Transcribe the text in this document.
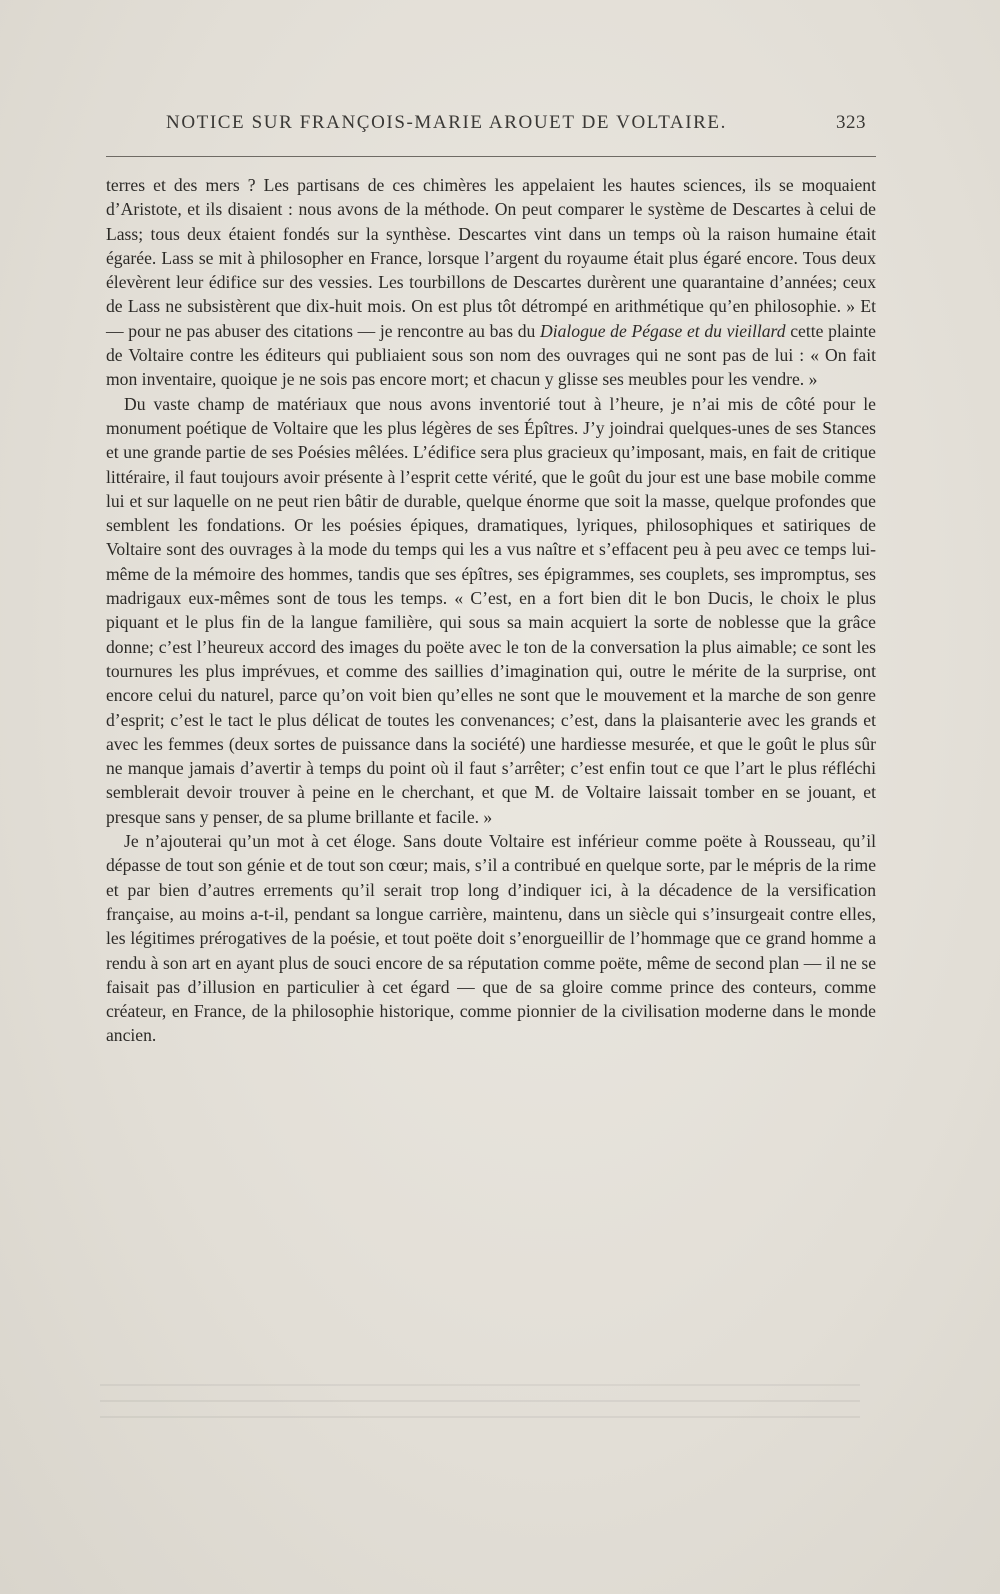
NOTICE SUR FRANÇOIS-MARIE AROUET DE VOLTAIRE.	323

terres et des mers ? Les partisans de ces chimères les appelaient les hautes sciences, ils se moquaient d’Aristote, et ils disaient : nous avons de la méthode. On peut comparer le système de Descartes à celui de Lass; tous deux étaient fondés sur la synthèse. Descartes vint dans un temps où la raison humaine était égarée. Lass se mit à philosopher en France, lorsque l’argent du royaume était plus égaré encore. Tous deux élevèrent leur édifice sur des vessies. Les tourbillons de Descartes durèrent une quarantaine d’années; ceux de Lass ne subsistèrent que dix-huit mois. On est plus tôt détrompé en arithmétique qu’en philosophie. » Et — pour ne pas abuser des citations — je rencontre au bas du Dialogue de Pégase et du vieillard cette plainte de Voltaire contre les éditeurs qui publiaient sous son nom des ouvrages qui ne sont pas de lui : « On fait mon inventaire, quoique je ne sois pas encore mort; et chacun y glisse ses meubles pour les vendre. »

Du vaste champ de matériaux que nous avons inventorié tout à l’heure, je n’ai mis de côté pour le monument poétique de Voltaire que les plus légères de ses Épîtres. J’y joindrai quelques-unes de ses Stances et une grande partie de ses Poésies mêlées. L’édifice sera plus gracieux qu’imposant, mais, en fait de critique littéraire, il faut toujours avoir présente à l’esprit cette vérité, que le goût du jour est une base mobile comme lui et sur laquelle on ne peut rien bâtir de durable, quelque énorme que soit la masse, quelque profondes que semblent les fondations. Or les poésies épiques, dramatiques, lyriques, philosophiques et satiriques de Voltaire sont des ouvrages à la mode du temps qui les a vus naître et s’effacent peu à peu avec ce temps lui-même de la mémoire des hommes, tandis que ses épîtres, ses épigrammes, ses couplets, ses impromptus, ses madrigaux eux-mêmes sont de tous les temps. « C’est, en a fort bien dit le bon Ducis, le choix le plus piquant et le plus fin de la langue familière, qui sous sa main acquiert la sorte de noblesse que la grâce donne; c’est l’heureux accord des images du poëte avec le ton de la conversation la plus aimable; ce sont les tournures les plus imprévues, et comme des saillies d’imagination qui, outre le mérite de la surprise, ont encore celui du naturel, parce qu’on voit bien qu’elles ne sont que le mouvement et la marche de son genre d’esprit; c’est le tact le plus délicat de toutes les convenances; c’est, dans la plaisanterie avec les grands et avec les femmes (deux sortes de puissance dans la société) une hardiesse mesurée, et que le goût le plus sûr ne manque jamais d’avertir à temps du point où il faut s’arrêter; c’est enfin tout ce que l’art le plus réfléchi semblerait devoir trouver à peine en le cherchant, et que M. de Voltaire laissait tomber en se jouant, et presque sans y penser, de sa plume brillante et facile. »

Je n’ajouterai qu’un mot à cet éloge. Sans doute Voltaire est inférieur comme poëte à Rousseau, qu’il dépasse de tout son génie et de tout son cœur; mais, s’il a contribué en quelque sorte, par le mépris de la rime et par bien d’autres errements qu’il serait trop long d’indiquer ici, à la décadence de la versification française, au moins a-t-il, pendant sa longue carrière, maintenu, dans un siècle qui s’insurgeait contre elles, les légitimes prérogatives de la poésie, et tout poëte doit s’enorgueillir de l’hommage que ce grand homme a rendu à son art en ayant plus de souci encore de sa réputation comme poëte, même de second plan — il ne se faisait pas d’illusion en particulier à cet égard — que de sa gloire comme prince des conteurs, comme créateur, en France, de la philosophie historique, comme pionnier de la civilisation moderne dans le monde ancien.
